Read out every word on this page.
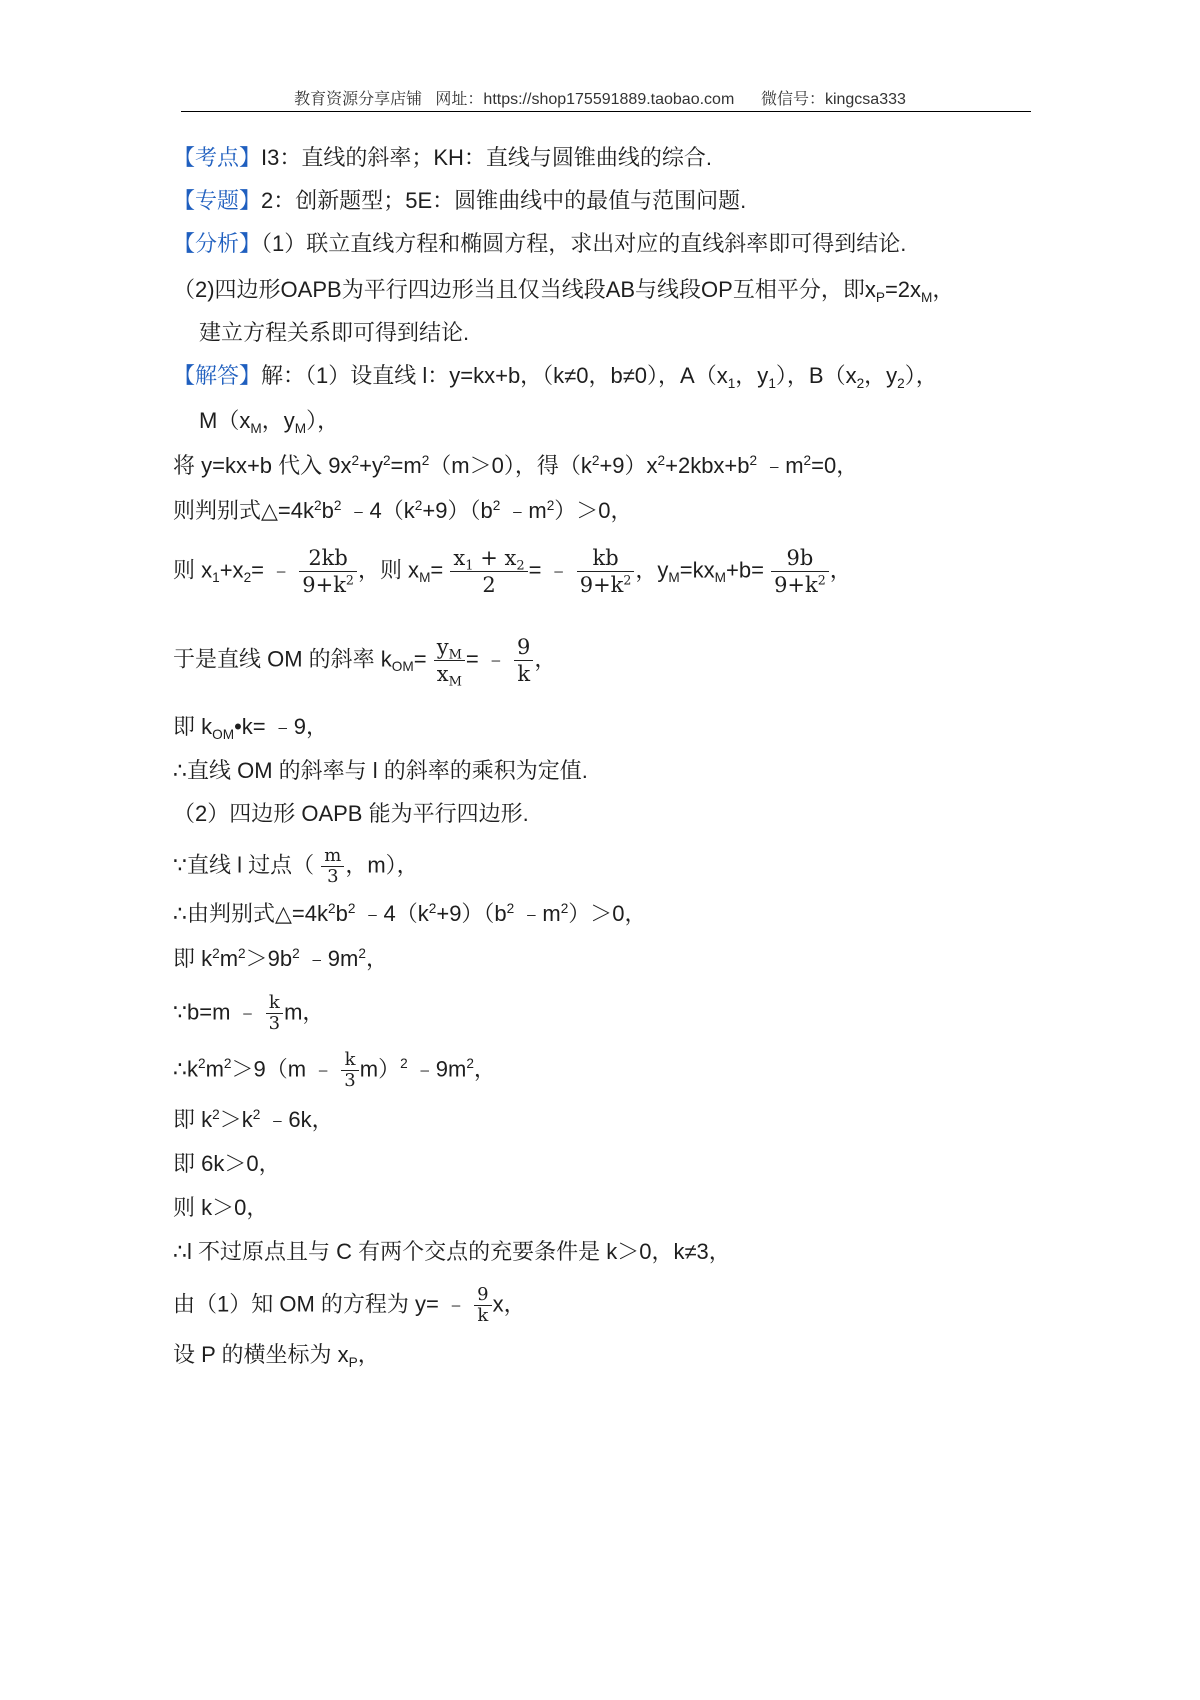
教育资源分享店铺   网址：https://shop175591889.taobao.com      微信号：kingcsa333
【考点】I3：直线的斜率；KH：直线与圆锥曲线的综合.
【专题】2：创新题型；5E：圆锥曲线中的最值与范围问题.
【分析】（1）联立直线方程和椭圆方程，求出对应的直线斜率即可得到结论.
（2)四边形OAPB为平行四边形当且仅当线段AB与线段OP互相平分，即$x_P=2x_M$，
建立方程关系即可得到结论.
【解答】解：（1）设直线 l：y=kx+b，（k≠0，b≠0），$A(x_1$，$y_1$），$B(x_2$，$y_2$），
$M(x_M$，$y_M$），
将 y=kx+b 代入 $9x^2+y^2=m^2(m>0)$，得$(k^2+9)x^2+2kbx+b^2$ $﹣m^2=0$，
则判别式$\triangle=4k^2b^2$ $﹣4(k^2+9)(b^2$ $﹣m^2)>0$，
则 $x_1+x_2=$ ﹣ $\frac{2kb}{9+k^2}$ ，则 $x_M= \frac{x_1 + x_2}{2}$ = ﹣ $\frac{kb}{9+k^2}$ ，$y_M=kx_M+b= \frac{9b}{9+k^2}$ ，
于是直线 OM 的斜率 $k_{OM}= \frac{y_M}{x_M}$ = ﹣ $\frac{9}{k}$ ，
即 $k_{OM}•k=$ ﹣9，
∴直线 OM 的斜率与 l 的斜率的乘积为定值.
（2）四边形 OAPB 能为平行四边形.
∵直线 l 过点（ $\frac{m}{3}$ ，m），
∴由判别式$\triangle=4k^2b^2$ $﹣4(k^2+9)(b^2$ $﹣m^2)>0$，
即 $k^2m^2>9b^2$ $﹣9m^2$，
∵b=m ﹣ $\frac{k}{3}$ m，
$\therefore k^2m^2>9(m$ ﹣ $\frac{k}{3} m)^2$ $﹣9m^2$，
即 $k^2>k^2$ ﹣6k，
即 6k＞0，
则 k＞0，
∴l 不过原点且与 C 有两个交点的充要条件是 k＞0，k≠3，
由（1）知 OM 的方程为 y= ﹣ $\frac{9}{k}$ x，
设 P 的横坐标为 $x_P$，
